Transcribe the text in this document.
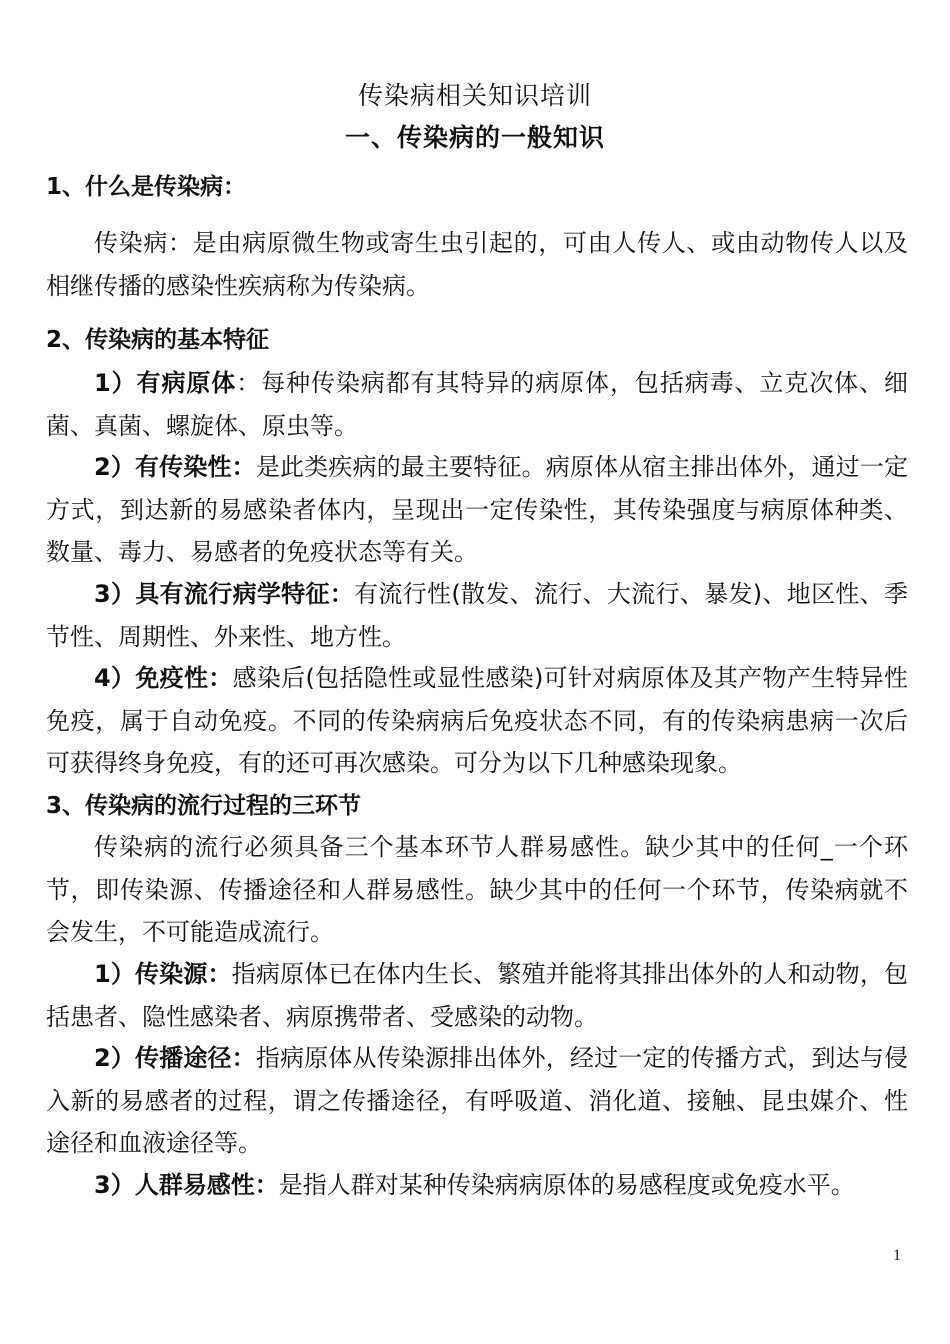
传染病相关知识培训
一、传染病的一般知识
1、什么是传染病：

传染病：是由病原微生物或寄生虫引起的，可由人传人、或由动物传人以及相继传播的感染性疾病称为传染病。

2、传染病的基本特征

1）有病原体：每种传染病都有其特异的病原体，包括病毒、立克次体、细菌、真菌、螺旋体、原虫等。

2）有传染性：是此类疾病的最主要特征。病原体从宿主排出体外，通过一定方式，到达新的易感染者体内，呈现出一定传染性，其传染强度与病原体种类、数量、毒力、易感者的免疫状态等有关。

3）具有流行病学特征：有流行性(散发、流行、大流行、暴发)、地区性、季节性、周期性、外来性、地方性。

4）免疫性：感染后(包括隐性或显性感染)可针对病原体及其产物产生特异性免疫，属于自动免疫。不同的传染病病后免疫状态不同，有的传染病患病一次后可获得终身免疫，有的还可再次感染。可分为以下几种感染现象。

3、传染病的流行过程的三环节

传染病的流行必须具备三个基本环节人群易感性。缺少其中的任何_一个环节，即传染源、传播途径和人群易感性。缺少其中的任何一个环节，传染病就不会发生，不可能造成流行。

1）传染源：指病原体已在体内生长、繁殖并能将其排出体外的人和动物，包括患者、隐性感染者、病原携带者、受感染的动物。

2）传播途径：指病原体从传染源排出体外，经过一定的传播方式，到达与侵入新的易感者的过程，谓之传播途径，有呼吸道、消化道、接触、昆虫媒介、性途径和血液途径等。

3）人群易感性：是指人群对某种传染病病原体的易感程度或免疫水平。

1
